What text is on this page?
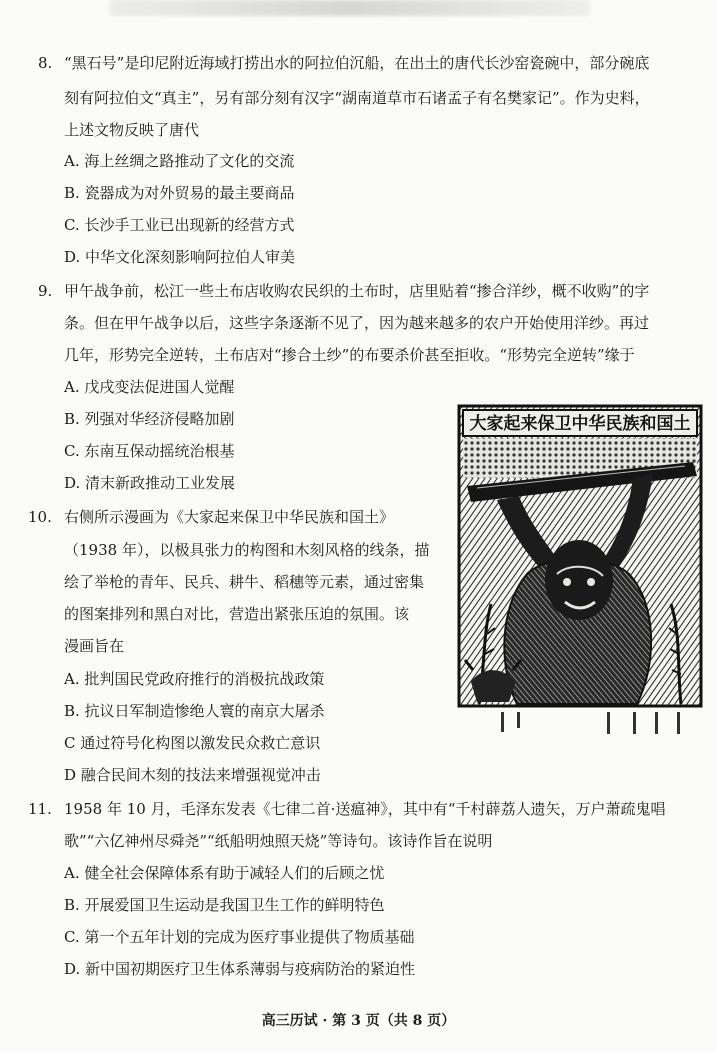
8. “黑石号”是印尼附近海域打捞出水的阿拉伯沉船，在出土的唐代长沙窑瓷碗中，部分碗底
刻有阿拉伯文“真主”，另有部分刻有汉字“湖南道草市石诸孟子有名樊家记”。作为史料，
上述文物反映了唐代
A. 海上丝绸之路推动了文化的交流
B. 瓷器成为对外贸易的最主要商品
C. 长沙手工业已出现新的经营方式
D. 中华文化深刻影响阿拉伯人审美
9. 甲午战争前，松江一些土布店收购农民织的土布时，店里贴着“掺合洋纱，概不收购”的字
条。但在甲午战争以后，这些字条逐渐不见了，因为越来越多的农户开始使用洋纱。再过
几年，形势完全逆转，土布店对“掺合土纱”的布要杀价甚至拒收。“形势完全逆转”缘于
A. 戊戌变法促进国人觉醒
B. 列强对华经济侵略加剧
C. 东南互保动摇统治根基
D. 清末新政推动工业发展
10. 右侧所示漫画为《大家起来保卫中华民族和国土》
（1938 年），以极具张力的构图和木刻风格的线条，描
绘了举枪的青年、民兵、耕牛、稻穗等元素，通过密集
的图案排列和黑白对比，营造出紧张压迫的氛围。该
漫画旨在
A. 批判国民党政府推行的消极抗战政策
B. 抗议日军制造惨绝人寰的南京大屠杀
C 通过符号化构图以激发民众救亡意识
D 融合民间木刻的技法来增强视觉冲击
大家起来保卫中华民族和国土
11. 1958 年 10 月，毛泽东发表《七律二首·送瘟神》，其中有“千村薜荔人遗矢，万户萧疏鬼唱
歌”“六亿神州尽舜尧”“纸船明烛照天烧”等诗句。该诗作旨在说明
A. 健全社会保障体系有助于减轻人们的后顾之忧
B. 开展爱国卫生运动是我国卫生工作的鲜明特色
C. 第一个五年计划的完成为医疗事业提供了物质基础
D. 新中国初期医疗卫生体系薄弱与疫病防治的紧迫性
高三历试 · 第 3 页（共 8 页）
